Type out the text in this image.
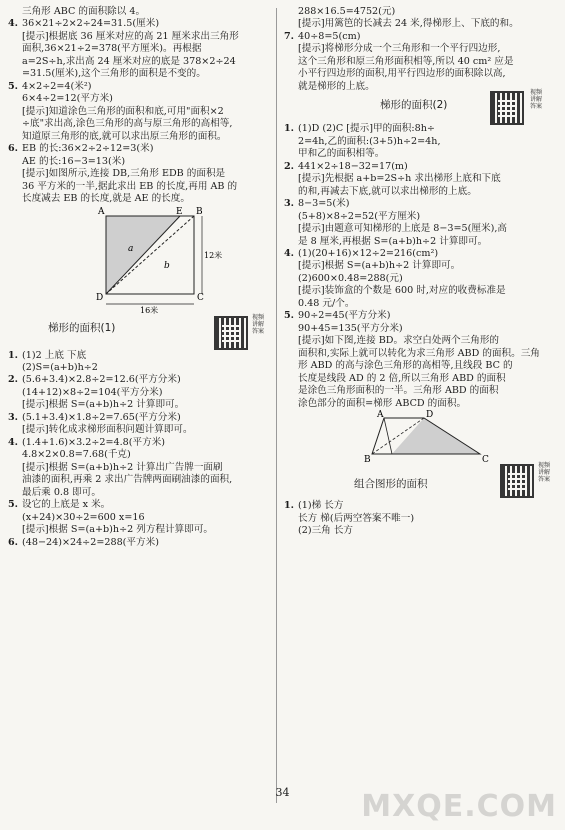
三角形 ABC 的面积除以 4。
4. 36×21÷2×2÷24=31.5(厘米)
[提示]根据底 36 厘米对应的高 21 厘米求出三角形
面积,36×21÷2=378(平方厘米)。再根据
a=2S÷h,求出高 24 厘米对应的底是 378×2÷24
=31.5(厘米),这个三角形的面积是不变的。
5. 4×2÷2=4(米²)
6×4÷2=12(平方米)
[提示]知道涂色三角形的面积和底,可用"面积×2
÷底"求出高,涂色三角形的高与原三角形的高相等,
知道原三角形的底,就可以求出原三角形的面积。
6. EB 的长:36×2÷2÷12=3(米)
AE 的长:16−3=13(米)
[提示]如图所示,连接 DB,三角形 EDB 的面积是
36 平方米的一半,据此求出 EB 的长度,再用 AB 的
长度减去 EB 的长度,就是 AE 的长度。
A	E B
D	C
a
b
12米
16米
梯形的面积(1)
视频讲解答案
1. (1)2 上底 下底
(2)S=(a+b)h÷2
2. (5.6+3.4)×2.8÷2=12.6(平方分米)
(14+12)×8÷2=104(平方分米)
[提示]根据 S=(a+b)h÷2 计算即可。
3. (5.1+3.4)×1.8÷2=7.65(平方分米)
[提示]转化成求梯形面积问题计算即可。
4. (1.4+1.6)×3.2÷2=4.8(平方米)
4.8×2×0.8=7.68(千克)
[提示]根据 S=(a+b)h÷2 计算出广告牌一面刷
油漆的面积,再乘 2 求出广告牌两面刷油漆的面积,
最后乘 0.8 即可。
5. 设它的上底是 x 米。
(x+24)×30÷2=600 x=16
[提示]根据 S=(a+b)h÷2 列方程计算即可。
6. (48−24)×24÷2=288(平方米)
288×16.5=4752(元)
[提示]用篱笆的长减去 24 米,得梯形上、下底的和。
7. 40÷8=5(cm)
[提示]将梯形分成一个三角形和一个平行四边形,
这个三角形和原三角形面积相等,所以 40 cm² 应是
小平行四边形的面积,用平行四边形的面积除以高,
就是梯形的上底。
梯形的面积(2)
视频讲解答案
1. (1)D (2)C [提示]甲的面积:8h÷
2=4h,乙的面积:(3+5)h÷2=4h,
甲和乙的面积相等。
2. 441×2÷18−32=17(m)
[提示]先根据 a+b=2S÷h 求出梯形上底和下底
的和,再减去下底,就可以求出梯形的上底。
3. 8−3=5(米)
(5+8)×8÷2=52(平方厘米)
[提示]由题意可知梯形的上底是 8−3=5(厘米),高
是 8 厘米,再根据 S=(a+b)h÷2 计算即可。
4. (1)(20+16)×12÷2=216(cm²)
[提示]根据 S=(a+b)h÷2 计算即可。
(2)600×0.48=288(元)
[提示]装饰盒的个数是 600 时,对应的收费标准是
0.48 元/个。
5. 90÷2=45(平方分米)
90+45=135(平方分米)
[提示]如下图,连接 BD。求空白处两个三角形的
面积和,实际上就可以转化为求三角形 ABD 的面积。三角
形 ABD 的高与涂色三角形的高相等,且线段 BC 的
长度是线段 AD 的 2 倍,所以三角形 ABD 的面积
是涂色三角形面积的一半。三角形 ABD 的面积
涂色部分的面积=梯形 ABCD 的面积。
A	D
B	C
组合图形的面积
视频讲解答案
1. (1)梯 长方
长方 梯(后两空答案不唯一)
(2)三角 长方
34	MXQE.COM
